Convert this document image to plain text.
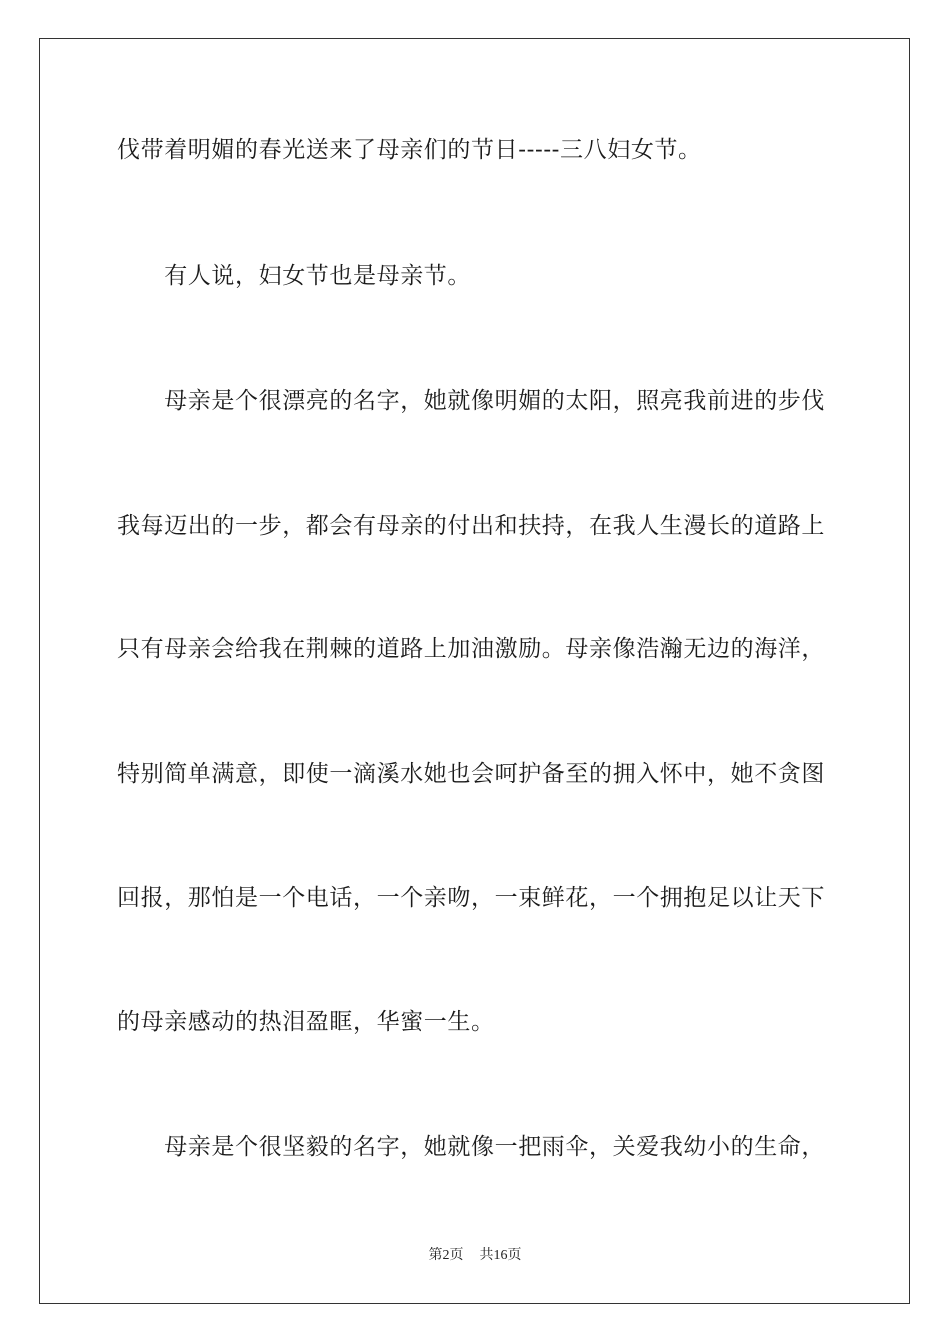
伐带着明媚的春光送来了母亲们的节日-----三八妇女节。
　　有人说，妇女节也是母亲节。
　　母亲是个很漂亮的名字，她就像明媚的太阳，照亮我前进的步伐
我每迈出的一步，都会有母亲的付出和扶持，在我人生漫长的道路上
只有母亲会给我在荆棘的道路上加油激励。母亲像浩瀚无边的海洋，
特别简单满意，即使一滴溪水她也会呵护备至的拥入怀中，她不贪图
回报，那怕是一个电话，一个亲吻，一束鲜花，一个拥抱足以让天下
的母亲感动的热泪盈眶，华蜜一生。
　　母亲是个很坚毅的名字，她就像一把雨伞，关爱我幼小的生命，
第2页 共16页
